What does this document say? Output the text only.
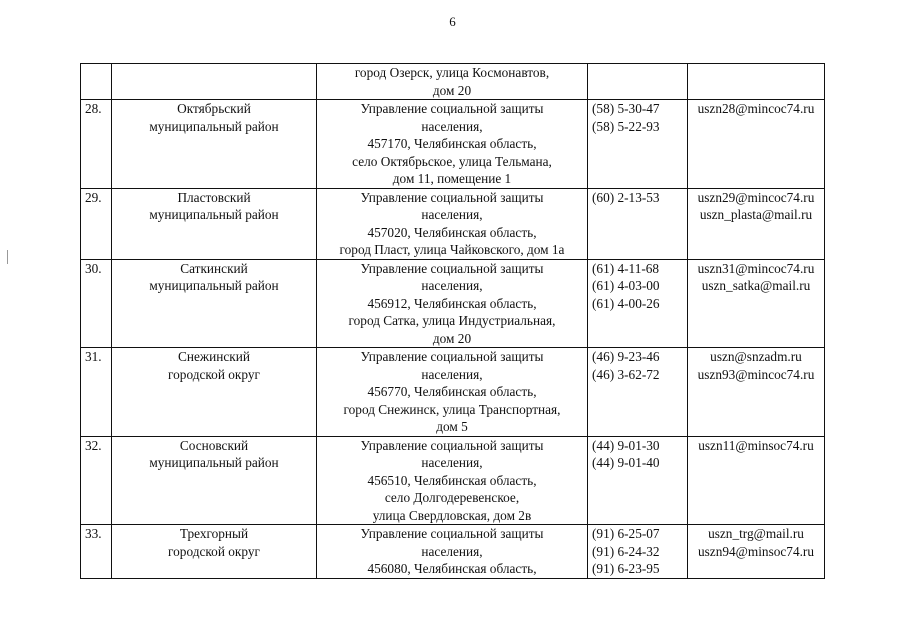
6

		город Озерск, улица Космонавтов,
дом 20		

28.	Октябрьский
муниципальный район	Управление социальной защиты
населения,
457170, Челябинская область,
село Октябрьское, улица Тельмана,
дом 11, помещение 1	(58) 5-30-47
(58) 5-22-93	uszn28@mincoc74.ru

29.	Пластовский
муниципальный район	Управление социальной защиты
населения,
457020, Челябинская область,
город Пласт, улица Чайковского, дом 1а	(60) 2-13-53	uszn29@mincoc74.ru
uszn_plasta@mail.ru

30.	Саткинский
муниципальный район	Управление социальной защиты
населения,
456912, Челябинская область,
город Сатка, улица Индустриальная,
дом 20	(61) 4-11-68
(61) 4-03-00
(61) 4-00-26	uszn31@mincoc74.ru
uszn_satka@mail.ru

31.	Снежинский
городской округ	Управление социальной защиты
населения,
456770, Челябинская область,
город Снежинск, улица Транспортная,
дом 5	(46) 9-23-46
(46) 3-62-72	uszn@snzadm.ru
uszn93@mincoc74.ru

32.	Сосновский
муниципальный район	Управление социальной защиты
населения,
456510, Челябинская область,
село Долгодеревенское,
улица Свердловская, дом 2в	(44) 9-01-30
(44) 9-01-40	uszn11@minsoc74.ru

33.	Трехгорный
городской округ	Управление социальной защиты
населения,
456080, Челябинская область,	(91) 6-25-07
(91) 6-24-32
(91) 6-23-95	uszn_trg@mail.ru
uszn94@minsoc74.ru
